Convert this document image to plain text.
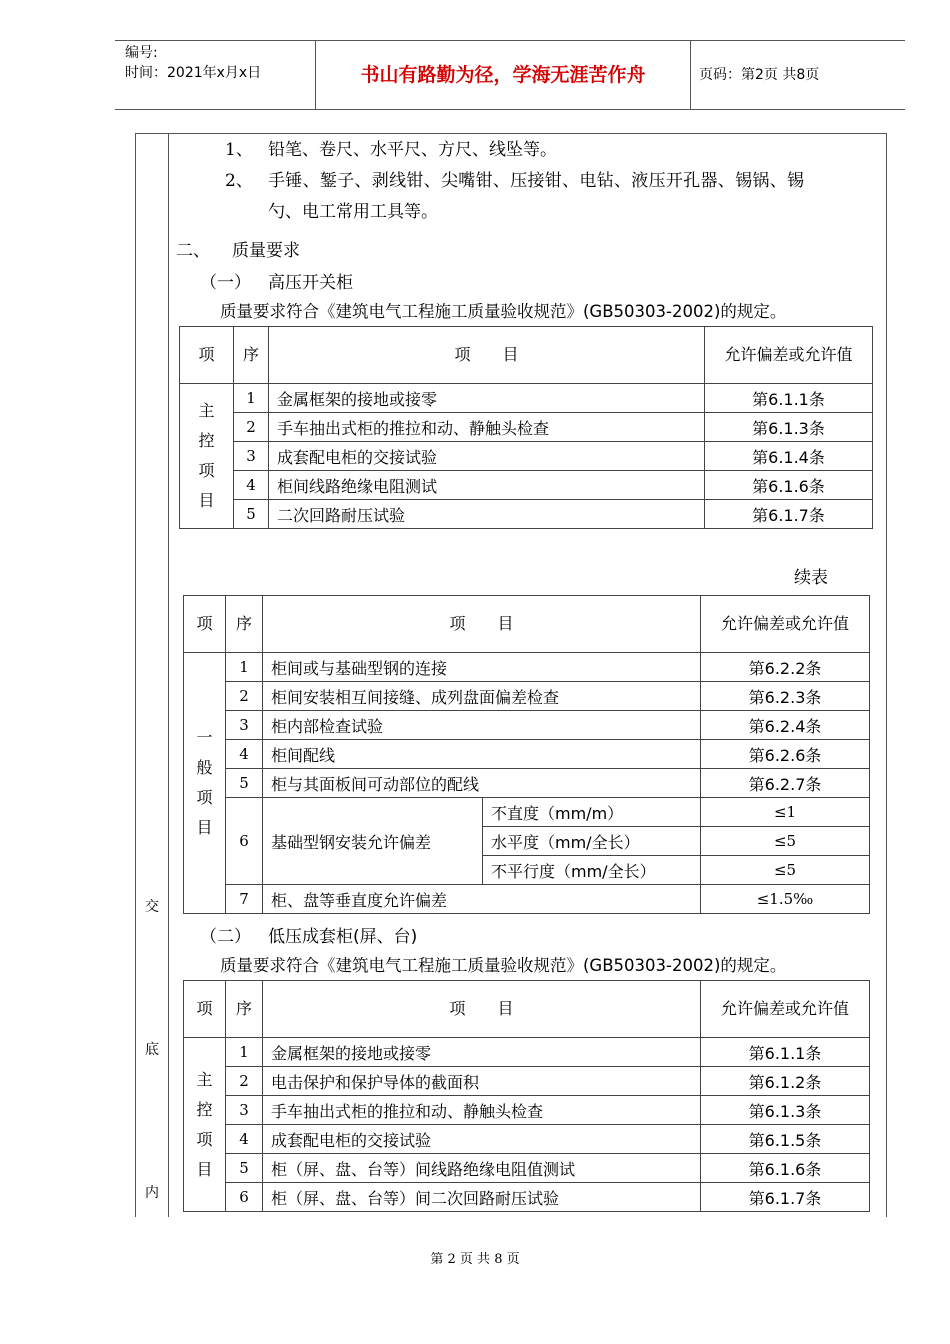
编号:
时间：2021年x月x日	书山有路勤为径，学海无涯苦作舟	页码：第2页 共8页
交
底
内
1、 铅笔、卷尺、水平尺、方尺、线坠等。
2、 手锤、錾子、剥线钳、尖嘴钳、压接钳、电钻、液压开孔器、锡锅、锡
勺、电工常用工具等。
二、 质量要求
（一） 高压开关柜
质量要求符合《建筑电气工程施工质量验收规范》(GB50303-2002)的规定。
项	序	项　　目	允许偏差或允许值

主控项目	1	金属框架的接地或接零	第6.1.1条
	2	手车抽出式柜的推拉和动、静触头检查	第6.1.3条
	3	成套配电柜的交接试验	第6.1.4条
	4	柜间线路绝缘电阻测试	第6.1.6条
	5	二次回路耐压试验	第6.1.7条
续表
项	序	项　　目		允许偏差或允许值

一般项目	1	柜间或与基础型钢的连接		第6.2.2条
	2	柜间安装相互间接缝、成列盘面偏差检查		第6.2.3条
	3	柜内部检查试验		第6.2.4条
	4	柜间配线		第6.2.6条
	5	柜与其面板间可动部位的配线		第6.2.7条
	6	基础型钢安装允许偏差	不直度（mm/m）	≤1
			水平度（mm/全长）	≤5
			不平行度（mm/全长）	≤5
	7	柜、盘等垂直度允许偏差		≤1.5‰
（二） 低压成套柜(屏、台)
质量要求符合《建筑电气工程施工质量验收规范》(GB50303-2002)的规定。
项	序	项　　目	允许偏差或允许值

主控项目	1	金属框架的接地或接零	第6.1.1条
	2	电击保护和保护导体的截面积	第6.1.2条
	3	手车抽出式柜的推拉和动、静触头检查	第6.1.3条
	4	成套配电柜的交接试验	第6.1.5条
	5	柜（屏、盘、台等）间线路绝缘电阻值测试	第6.1.6条
	6	柜（屏、盘、台等）间二次回路耐压试验	第6.1.7条
第 2 页 共 8 页
